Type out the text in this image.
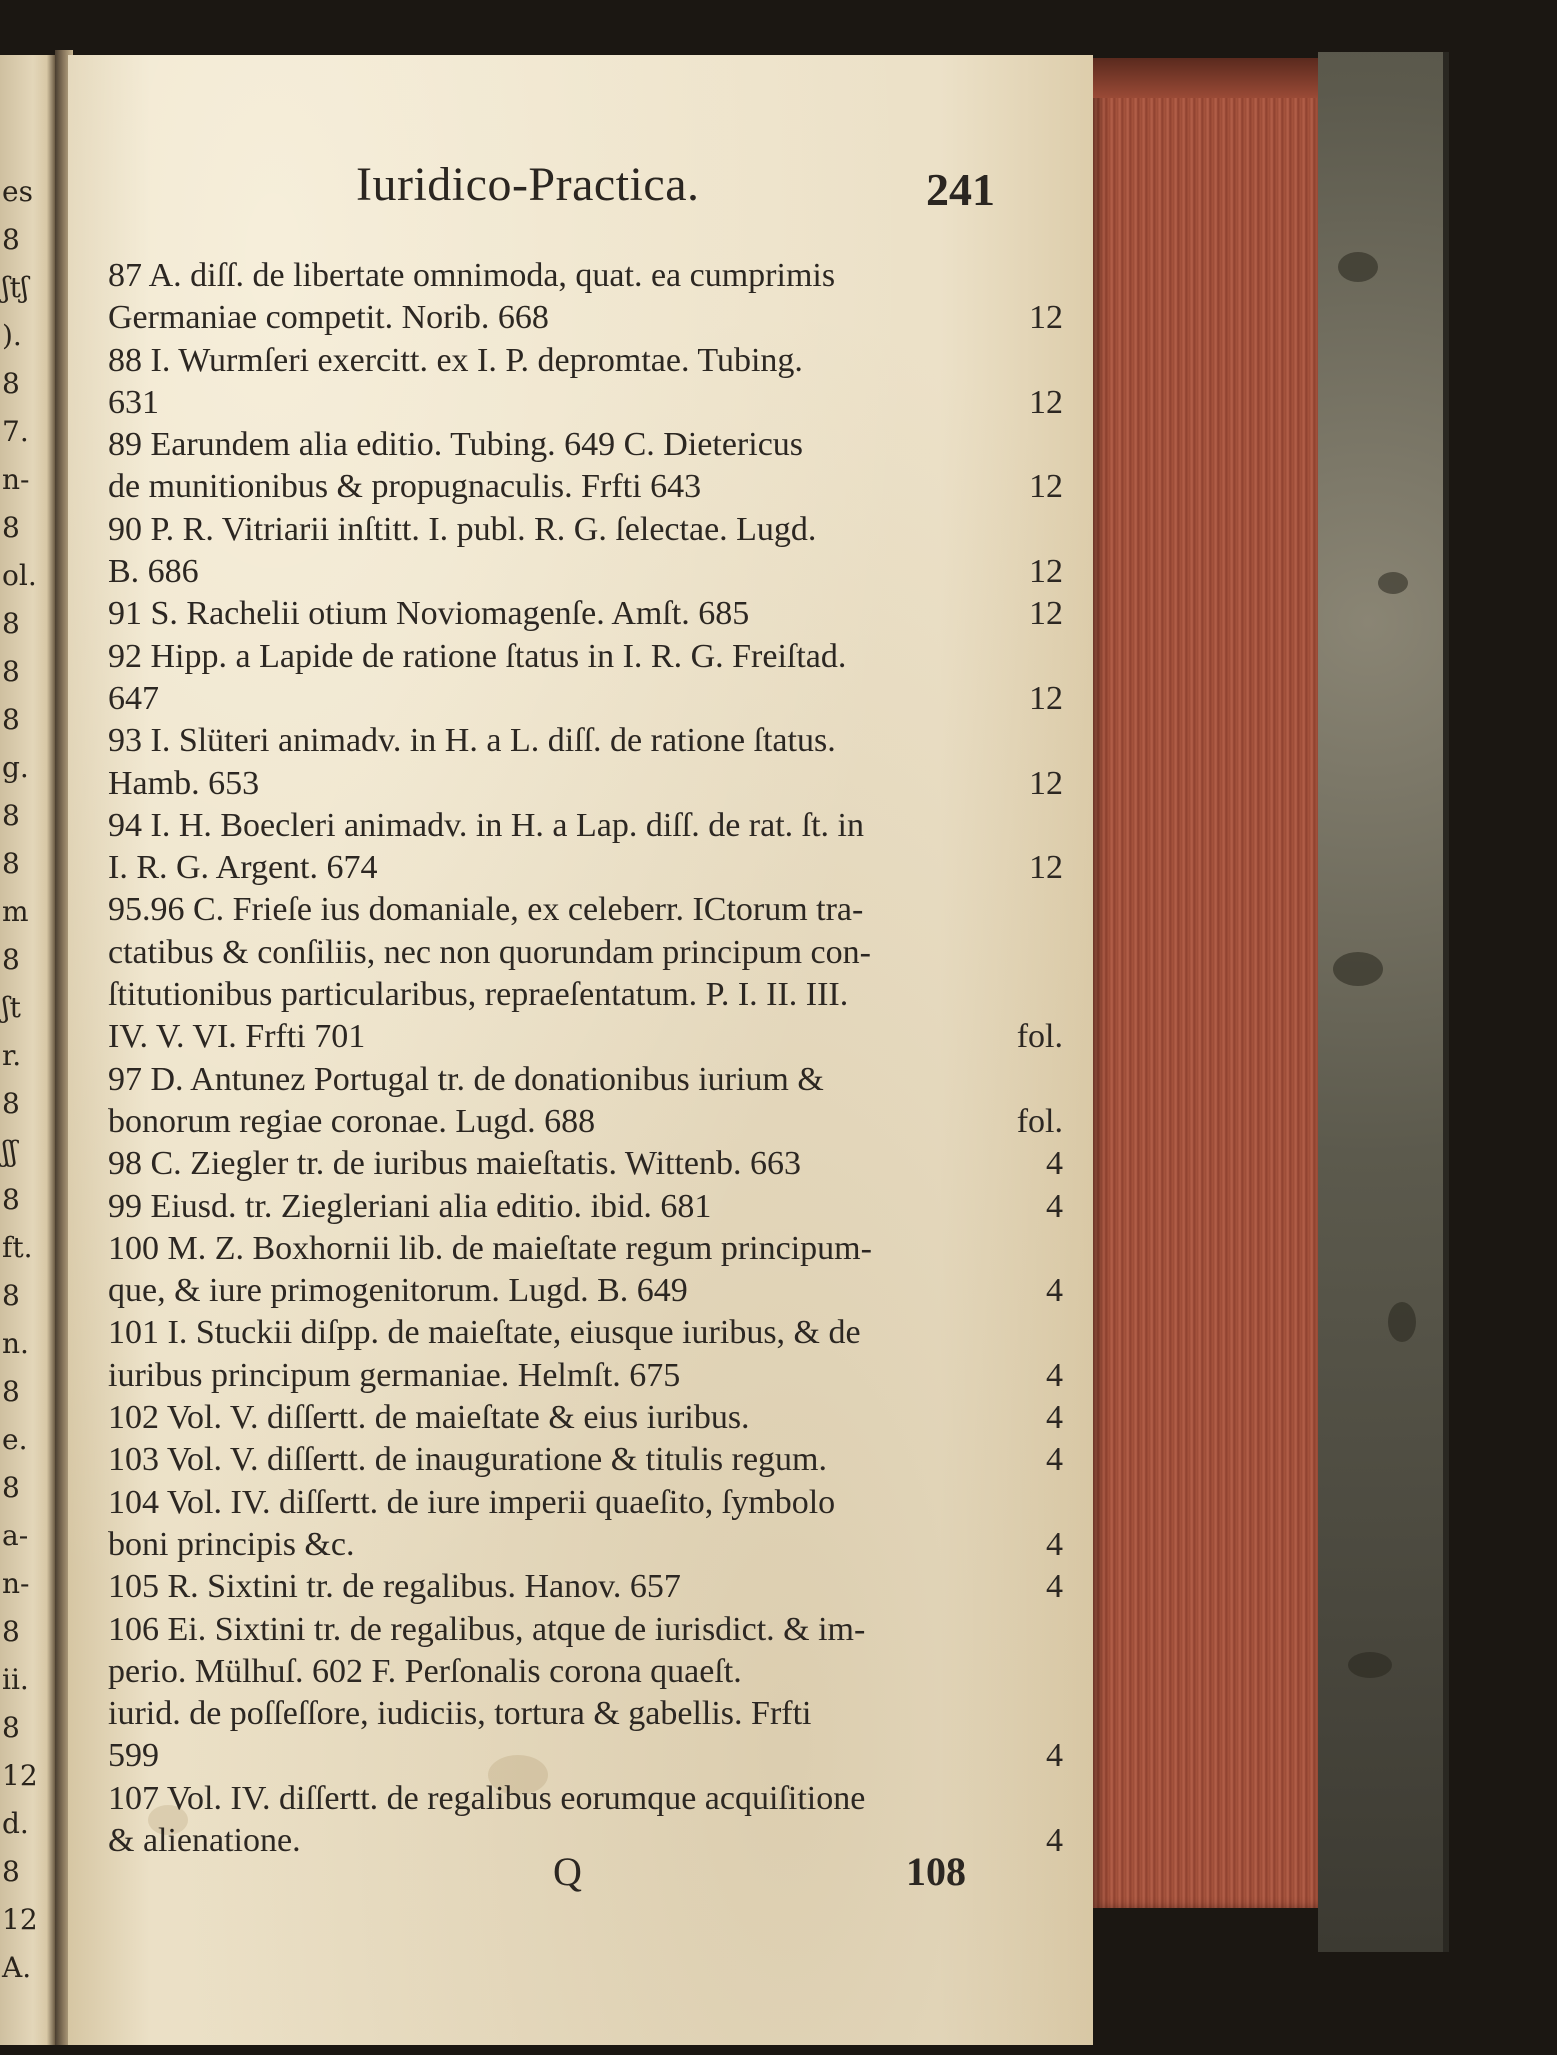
es
8
ʃtʃ
).
8
7.
n-
8
ol.
8
8
8
g.
8
8
m
8
ʃt
r.
8
ʃʃ
8
ft.
8
n.
8
e.
8
a-
n-
8
ii.
8
12
d.
8
12
A.
Iuridico-Practica.	241
87 A. diſſ. de libertate omnimoda, quat. ea cumprimis
Germaniae competit. Norib. 668	12
88 I. Wurmſeri exercitt. ex I. P. depromtae. Tubing.
631	12
89 Earundem alia editio. Tubing. 649 C. Dietericus
de munitionibus & propugnaculis. Frfti 643	12
90 P. R. Vitriarii inſtitt. I. publ. R. G. ſelectae. Lugd.
B. 686	12
91 S. Rachelii otium Noviomagenſe. Amſt. 685	12
92 Hipp. a Lapide de ratione ſtatus in I. R. G. Freiſtad.
647	12
93 I. Slüteri animadv. in H. a L. diſſ. de ratione ſtatus.
Hamb. 653	12
94 I. H. Boecleri animadv. in H. a Lap. diſſ. de rat. ſt. in
I. R. G. Argent. 674	12
95.96 C. Frieſe ius domaniale, ex celeberr. ICtorum tra-
ctatibus & conſiliis, nec non quorundam principum con-
ſtitutionibus particularibus, repraeſentatum. P. I. II. III.
IV. V. VI. Frfti 701	fol.
97 D. Antunez Portugal tr. de donationibus iurium &
bonorum regiae coronae. Lugd. 688	fol.
98 C. Ziegler tr. de iuribus maieſtatis. Wittenb. 663	4
99 Eiusd. tr. Ziegleriani alia editio. ibid. 681	4
100 M. Z. Boxhornii lib. de maieſtate regum principum-
que, & iure primogenitorum. Lugd. B. 649	4
101 I. Stuckii diſpp. de maieſtate, eiusque iuribus, & de
iuribus principum germaniae. Helmſt. 675	4
102 Vol. V. diſſertt. de maieſtate & eius iuribus.	4
103 Vol. V. diſſertt. de inauguratione & titulis regum.	4
104 Vol. IV. diſſertt. de iure imperii quaeſito, ſymbolo
boni principis &c.	4
105 R. Sixtini tr. de regalibus. Hanov. 657	4
106 Ei. Sixtini tr. de regalibus, atque de iurisdict. & im-
perio. Mülhuſ. 602 F. Perſonalis corona quaeſt.
iurid. de poſſeſſore, iudiciis, tortura & gabellis. Frfti
599	4
107 Vol. IV. diſſertt. de regalibus eorumque acquiſitione
& alienatione.	4
Q	108
